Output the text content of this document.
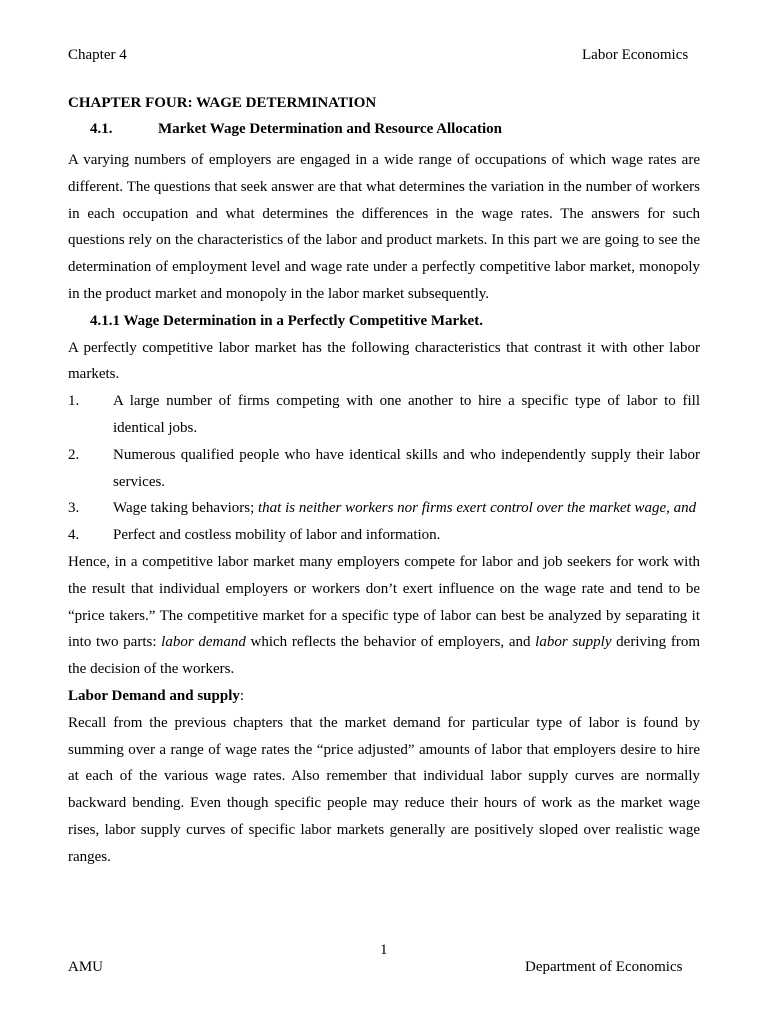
Chapter 4	Labor Economics
CHAPTER FOUR: WAGE DETERMINATION
4.1.	Market Wage Determination and Resource Allocation

A varying numbers of employers are engaged in a wide range of occupations of which wage rates are different. The questions that seek answer are that what determines the variation in the number of workers in each occupation and what determines the differences in the wage rates. The answers for such questions rely on the characteristics of the labor and product markets. In this part we are going to see the determination of employment level and wage rate under a perfectly competitive labor market, monopoly in the product market and monopoly in the labor market subsequently.

4.1.1 Wage Determination in a Perfectly Competitive Market.

A perfectly competitive labor market has the following characteristics that contrast it with other labor markets.

1.	A large number of firms competing with one another to hire a specific type of labor to fill identical jobs.
2.	Numerous qualified people who have identical skills and who independently supply their labor services.
3.	Wage taking behaviors; that is neither workers nor firms exert control over the market wage, and
4.	Perfect and costless mobility of labor and information.

Hence, in a competitive labor market many employers compete for labor and job seekers for work with the result that individual employers or workers don’t exert influence on the wage rate and tend to be “price takers.” The competitive market for a specific type of labor can best be analyzed by separating it into two parts: labor demand which reflects the behavior of employers, and labor supply deriving from the decision of the workers.

Labor Demand and supply:

Recall from the previous chapters that the market demand for particular type of labor is found by summing over a range of wage rates the “price adjusted” amounts of labor that employers desire to hire at each of the various wage rates. Also remember that individual labor supply curves are normally backward bending. Even though specific people may reduce their hours of work as the market wage rises, labor supply curves of specific labor markets generally are positively sloped over realistic wage ranges.

1
AMU	Department of Economics
